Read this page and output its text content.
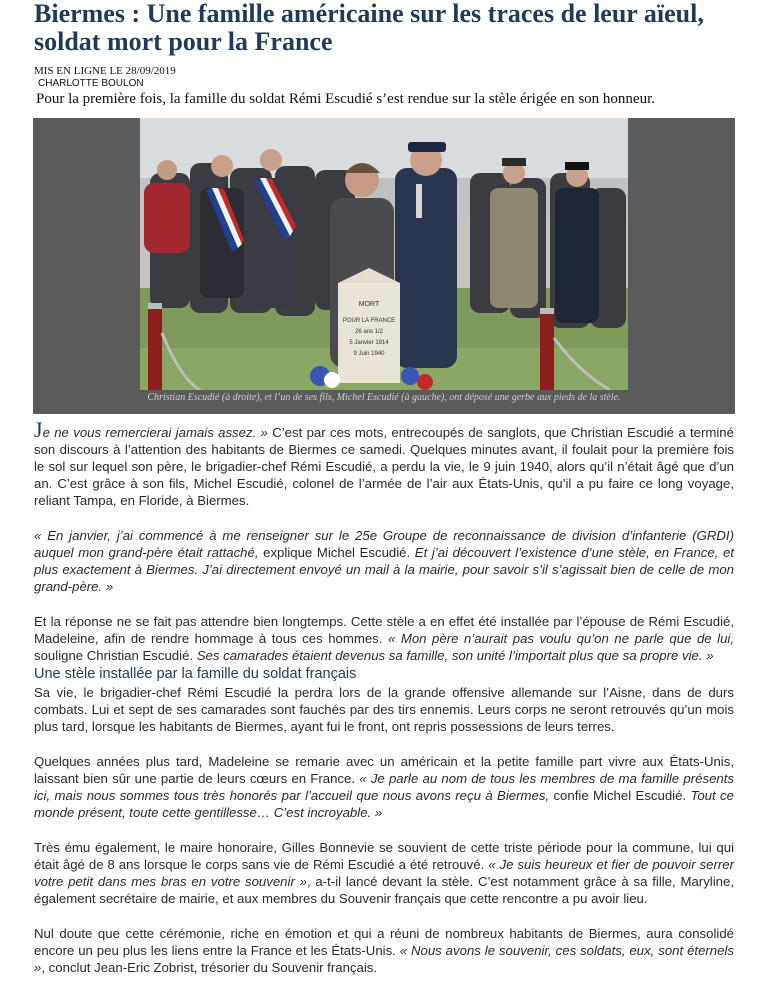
Biermes : Une famille américaine sur les traces de leur aïeul, soldat mort pour la France
MIS EN LIGNE LE 28/09/2019
CHARLOTTE BOULON
Pour la première fois, la famille du soldat Rémi Escudié s’est rendue sur la stèle érigée en son honneur.
MORT
POUR LA FRANCE
26 ans 1/2
5 Janvier 1914
9 Juin 1940
Christian Escudié (à droite), et l’un de ses fils, Michel Escudié (à gauche), ont déposé une gerbe aux pieds de la stèle.

Je ne vous remercierai jamais assez. » C’est par ces mots, entrecoupés de sanglots, que Christian Escudié a terminé son discours à l’attention des habitants de Biermes ce samedi. Quelques minutes avant, il foulait pour la première fois le sol sur lequel son père, le brigadier-chef Rémi Escudié, a perdu la vie, le 9 juin 1940, alors qu’il n’était âgé que d’un an. C’est grâce à son fils, Michel Escudié, colonel de l’armée de l’air aux États-Unis, qu’il a pu faire ce long voyage, reliant Tampa, en Floride, à Biermes.

« En janvier, j’ai commencé à me renseigner sur le 25e Groupe de reconnaissance de division d’infanterie (GRDI) auquel mon grand-père était rattaché, explique Michel Escudié. Et j’ai découvert l’existence d’une stèle, en France, et plus exactement à Biermes. J’ai directement envoyé un mail à la mairie, pour savoir s’il s’agissait bien de celle de mon grand-père. »

Et la réponse ne se fait pas attendre bien longtemps. Cette stèle a en effet été installée par l’épouse de Rémi Escudié, Madeleine, afin de rendre hommage à tous ces hommes. « Mon père n’aurait pas voulu qu’on ne parle que de lui, souligne Christian Escudié. Ses camarades étaient devenus sa famille, son unité l’importait plus que sa propre vie. »

Une stèle installée par la famille du soldat français

Sa vie, le brigadier-chef Rémi Escudié la perdra lors de la grande offensive allemande sur l’Aisne, dans de durs combats. Lui et sept de ses camarades sont fauchés par des tirs ennemis. Leurs corps ne seront retrouvés qu’un mois plus tard, lorsque les habitants de Biermes, ayant fui le front, ont repris possessions de leurs terres.

Quelques années plus tard, Madeleine se remarie avec un américain et la petite famille part vivre aux États-Unis, laissant bien sûr une partie de leurs cœurs en France. « Je parle au nom de tous les membres de ma famille présents ici, mais nous sommes tous très honorés par l’accueil que nous avons reçu à Biermes, confie Michel Escudié. Tout ce monde présent, toute cette gentillesse… C’est incroyable. »

Très ému également, le maire honoraire, Gilles Bonnevie se souvient de cette triste période pour la commune, lui qui était âgé de 8 ans lorsque le corps sans vie de Rémi Escudié a été retrouvé. « Je suis heureux et fier de pouvoir serrer votre petit dans mes bras en votre souvenir », a-t-il lancé devant la stèle. C’est notamment grâce à sa fille, Maryline, également secrétaire de mairie, et aux membres du Souvenir français que cette rencontre a pu avoir lieu.

Nul doute que cette cérémonie, riche en émotion et qui a réuni de nombreux habitants de Biermes, aura consolidé encore un peu plus les liens entre la France et les États-Unis. « Nous avons le souvenir, ces soldats, eux, sont éternels », conclut Jean-Eric Zobrist, trésorier du Souvenir français.
